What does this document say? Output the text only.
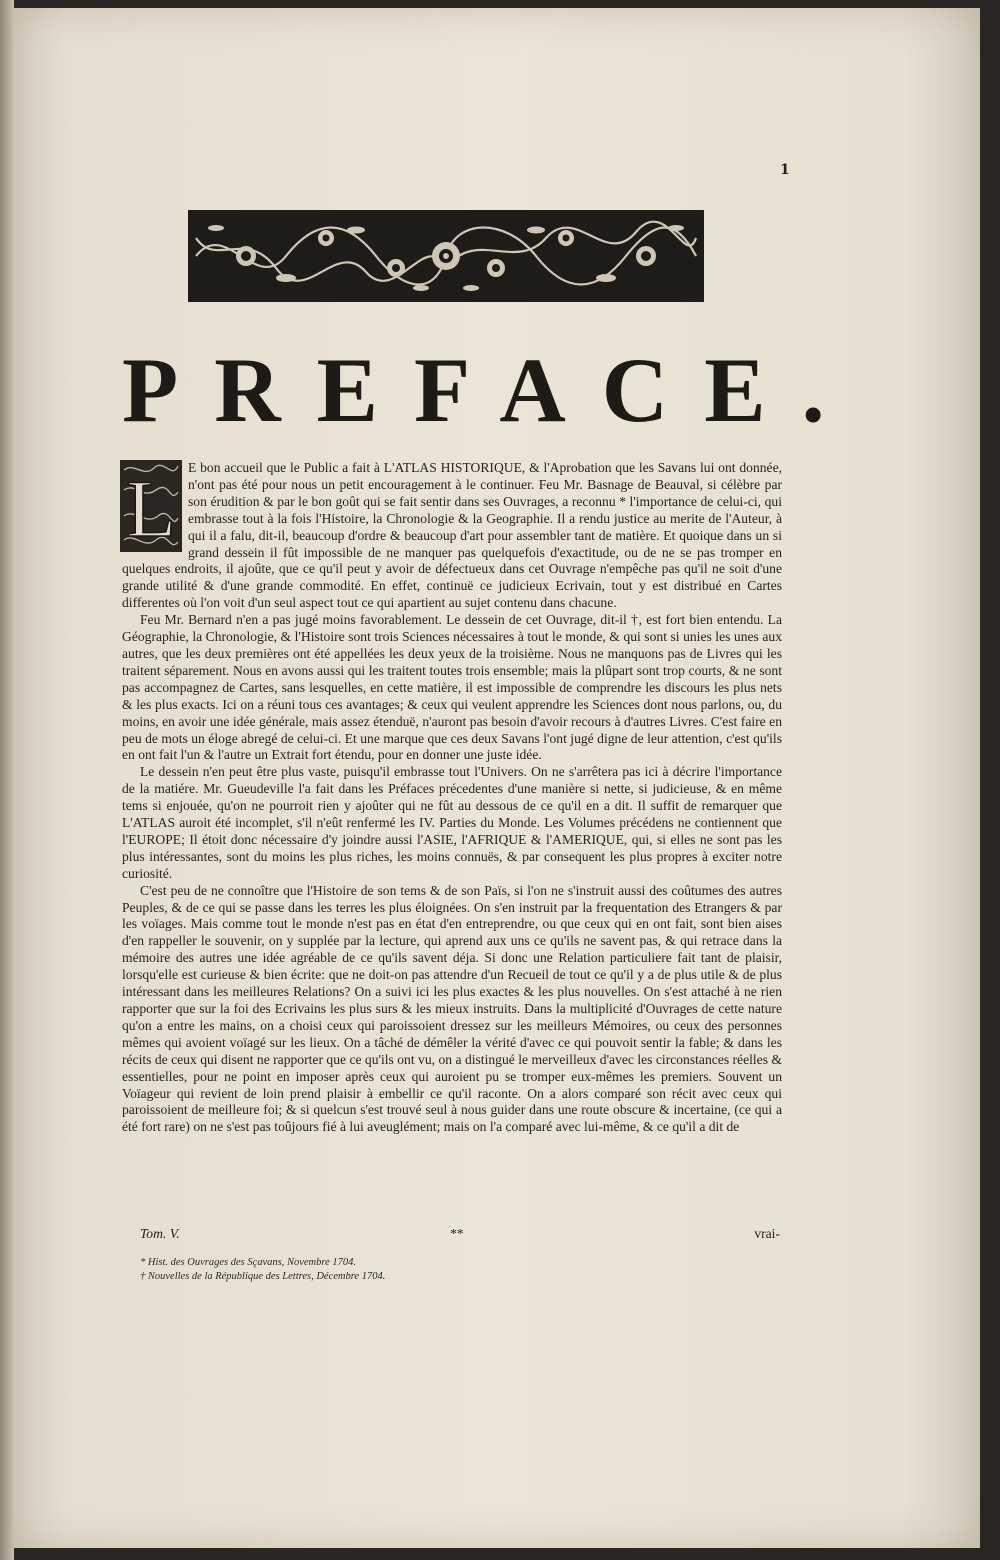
1
PREFACE.
L E bon accueil que le Public a fait à L'ATLAS HISTORIQUE, & l'Aprobation que les Savans lui ont donnée, n'ont pas été pour nous un petit encouragement à le continuer. Feu Mr. Basnage de Beauval, si célèbre par son érudition & par le bon goût qui se fait sentir dans ses Ouvrages, a reconnu * l'importance de celui-ci, qui embrasse tout à la fois l'Histoire, la Chronologie & la Geographie. Il a rendu justice au merite de l'Auteur, à qui il a falu, dit-il, beaucoup d'ordre & beaucoup d'art pour assembler tant de matière. Et quoique dans un si grand dessein il fût impossible de ne manquer pas quelquefois d'exactitude, ou de ne se pas tromper en quelques endroits, il ajoûte, que ce qu'il peut y avoir de défectueux dans cet Ouvrage n'empêche pas qu'il ne soit d'une grande utilité & d'une grande commodité. En effet, continuë ce judicieux Ecrivain, tout y est distribué en Cartes differentes où l'on voit d'un seul aspect tout ce qui apartient au sujet contenu dans chacune.

Feu Mr. Bernard n'en a pas jugé moins favorablement. Le dessein de cet Ouvrage, dit-il †, est fort bien entendu. La Géographie, la Chronologie, & l'Histoire sont trois Sciences nécessaires à tout le monde, & qui sont si unies les unes aux autres, que les deux premières ont été appellées les deux yeux de la troisième. Nous ne manquons pas de Livres qui les traitent séparement. Nous en avons aussi qui les traitent toutes trois ensemble; mais la plûpart sont trop courts, & ne sont pas accompagnez de Cartes, sans lesquelles, en cette matière, il est impossible de comprendre les discours les plus nets & les plus exacts. Ici on a réuni tous ces avantages; & ceux qui veulent apprendre les Sciences dont nous parlons, ou, du moins, en avoir une idée générale, mais assez étenduë, n'auront pas besoin d'avoir recours à d'autres Livres. C'est faire en peu de mots un éloge abregé de celui-ci. Et une marque que ces deux Savans l'ont jugé digne de leur attention, c'est qu'ils en ont fait l'un & l'autre un Extrait fort étendu, pour en donner une juste idée.

Le dessein n'en peut être plus vaste, puisqu'il embrasse tout l'Univers. On ne s'arrêtera pas ici à décrire l'importance de la matiére. Mr. Gueudeville l'a fait dans les Préfaces précedentes d'une manière si nette, si judicieuse, & en même tems si enjouée, qu'on ne pourroit rien y ajoûter qui ne fût au dessous de ce qu'il en a dit. Il suffit de remarquer que L'ATLAS auroit été incomplet, s'il n'eût renfermé les IV. Parties du Monde. Les Volumes précédens ne contiennent que l'EUROPE; Il étoit donc nécessaire d'y joindre aussi l'ASIE, l'AFRIQUE & l'AMERIQUE, qui, si elles ne sont pas les plus intéressantes, sont du moins les plus riches, les moins connuës, & par consequent les plus propres à exciter notre curiosité.

C'est peu de ne connoître que l'Histoire de son tems & de son Païs, si l'on ne s'instruit aussi des coûtumes des autres Peuples, & de ce qui se passe dans les terres les plus éloignées. On s'en instruit par la frequentation des Etrangers & par les voïages. Mais comme tout le monde n'est pas en état d'en entreprendre, ou que ceux qui en ont fait, sont bien aises d'en rappeller le souvenir, on y supplée par la lecture, qui aprend aux uns ce qu'ils ne savent pas, & qui retrace dans la mémoire des autres une idée agréable de ce qu'ils savent déja. Si donc une Relation particuliere fait tant de plaisir, lorsqu'elle est curieuse & bien écrite: que ne doit-on pas attendre d'un Recueil de tout ce qu'il y a de plus utile & de plus intéressant dans les meilleures Relations? On a suivi ici les plus exactes & les plus nouvelles. On s'est attaché à ne rien rapporter que sur la foi des Ecrivains les plus surs & les mieux instruits. Dans la multiplicité d'Ouvrages de cette nature qu'on a entre les mains, on a choisi ceux qui paroissoient dressez sur les meilleurs Mémoires, ou ceux des personnes mêmes qui avoient voïagé sur les lieux. On a tâché de démêler la vérité d'avec ce qui pouvoit sentir la fable; & dans les récits de ceux qui disent ne rapporter que ce qu'ils ont vu, on a distingué le merveilleux d'avec les circonstances réelles & essentielles, pour ne point en imposer après ceux qui auroient pu se tromper eux-mêmes les premiers. Souvent un Voïageur qui revient de loin prend plaisir à embellir ce qu'il raconte. On a alors comparé son récit avec ceux qui paroissoient de meilleure foi; & si quelcun s'est trouvé seul à nous guider dans une route obscure & incertaine, (ce qui a été fort rare) on ne s'est pas toûjours fié à lui aveuglément; mais on l'a comparé avec lui-même, & ce qu'il a dit de

Tom. V.	**	vrai-
* Hist. des Ouvrages des Sçavans, Novembre 1704.
† Nouvelles de la République des Lettres, Décembre 1704.
